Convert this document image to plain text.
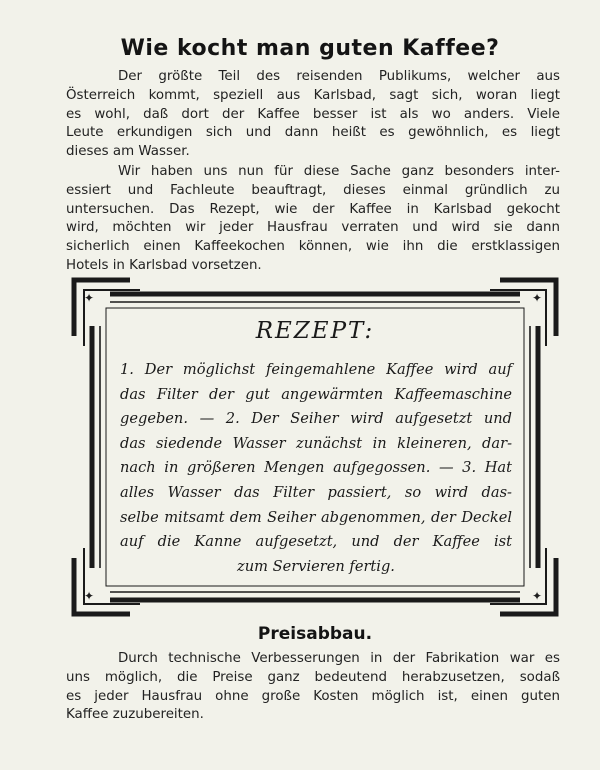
Wie kocht man guten Kaffee?

Der größte Teil des reisenden Publikums, welcher aus
Österreich kommt, speziell aus Karlsbad, sagt sich, woran liegt
es wohl, daß dort der Kaffee besser ist als wo anders. Viele
Leute erkundigen sich und dann heißt es gewöhnlich, es liegt
dieses am Wasser.

Wir haben uns nun für diese Sache ganz besonders inter-
essiert und Fachleute beauftragt, dieses einmal gründlich zu
untersuchen. Das Rezept, wie der Kaffee in Karlsbad gekocht
wird, möchten wir jeder Hausfrau verraten und wird sie dann
sicherlich einen Kaffeekochen können, wie ihn die erstklassigen
Hotels in Karlsbad vorsetzen.

✦	✦
✦	✦
REZEPT:

1. Der möglichst feingemahlene Kaffee wird auf
das Filter der gut angewärmten Kaffeemaschine
gegeben. — 2. Der Seiher wird aufgesetzt und
das siedende Wasser zunächst in kleineren, dar-
nach in größeren Mengen aufgegossen. — 3. Hat
alles Wasser das Filter passiert, so wird das-
selbe mitsamt dem Seiher abgenommen, der Deckel
auf die Kanne aufgesetzt, und der Kaffee ist
zum Servieren fertig.

Preisabbau.

Durch technische Verbesserungen in der Fabrikation war es
uns möglich, die Preise ganz bedeutend herabzusetzen, sodaß
es jeder Hausfrau ohne große Kosten möglich ist, einen guten
Kaffee zuzubereiten.
